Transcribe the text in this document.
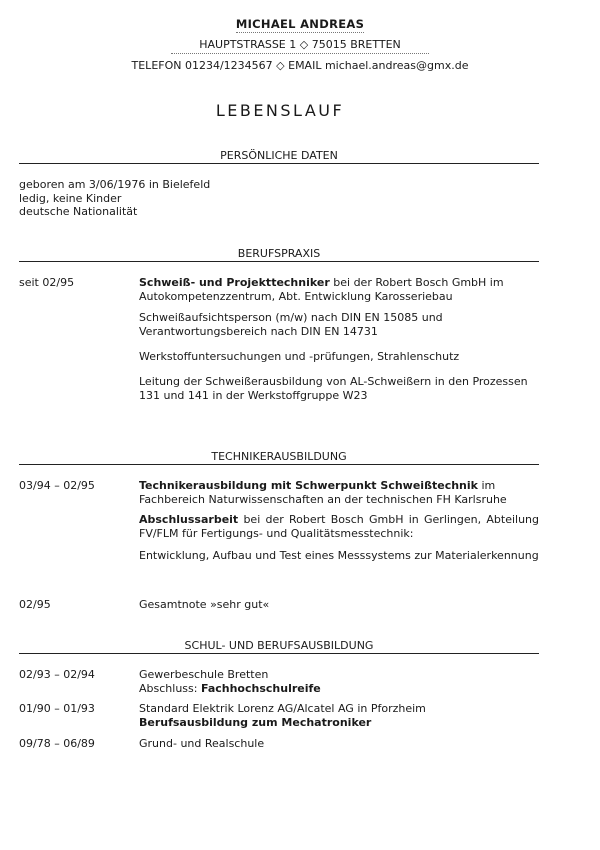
MICHAEL ANDREAS
HAUPTSTRASSE 1 ◇ 75015 BRETTEN
TELEFON 01234/1234567 ◇ EMAIL michael.andreas@gmx.de
LEBENSLAUF
PERSÖNLICHE DATEN
geboren am 3/06/1976 in Bielefeld
ledig, keine Kinder
deutsche Nationalität
BERUFSPRAXIS
seit 02/95	Schweiß- und Projekttechniker bei der Robert Bosch GmbH im Autokompetenzzentrum, Abt. Entwicklung Karosseriebau

Schweißaufsichtsperson (m/w) nach DIN EN 15085 und Verantwortungsbereich nach DIN EN 14731

Werkstoffuntersuchungen und -prüfungen, Strahlenschutz

Leitung der Schweißerausbildung von AL-Schweißern in den Prozessen 131 und 141 in der Werkstoffgruppe W23

TECHNIKERAUSBILDUNG
03/94 – 02/95	Technikerausbildung mit Schwerpunkt Schweißtechnik im Fachbereich Naturwissenschaften an der technischen FH Karlsruhe

Abschlussarbeit bei der Robert Bosch GmbH in Gerlingen, Abteilung FV/FLM für Fertigungs- und Qualitätsmesstechnik:

Entwicklung, Aufbau und Test eines Messsystems zur Materialerkennung

02/95	Gesamtnote »sehr gut«
SCHUL- UND BERUFSAUSBILDUNG
02/93 – 02/94	Gewerbeschule Bretten

Abschluss: Fachhochschulreife

01/90 – 01/93	Standard Elektrik Lorenz AG/Alcatel AG in Pforzheim

Berufsausbildung zum Mechatroniker

09/78 – 06/89	Grund- und Realschule
